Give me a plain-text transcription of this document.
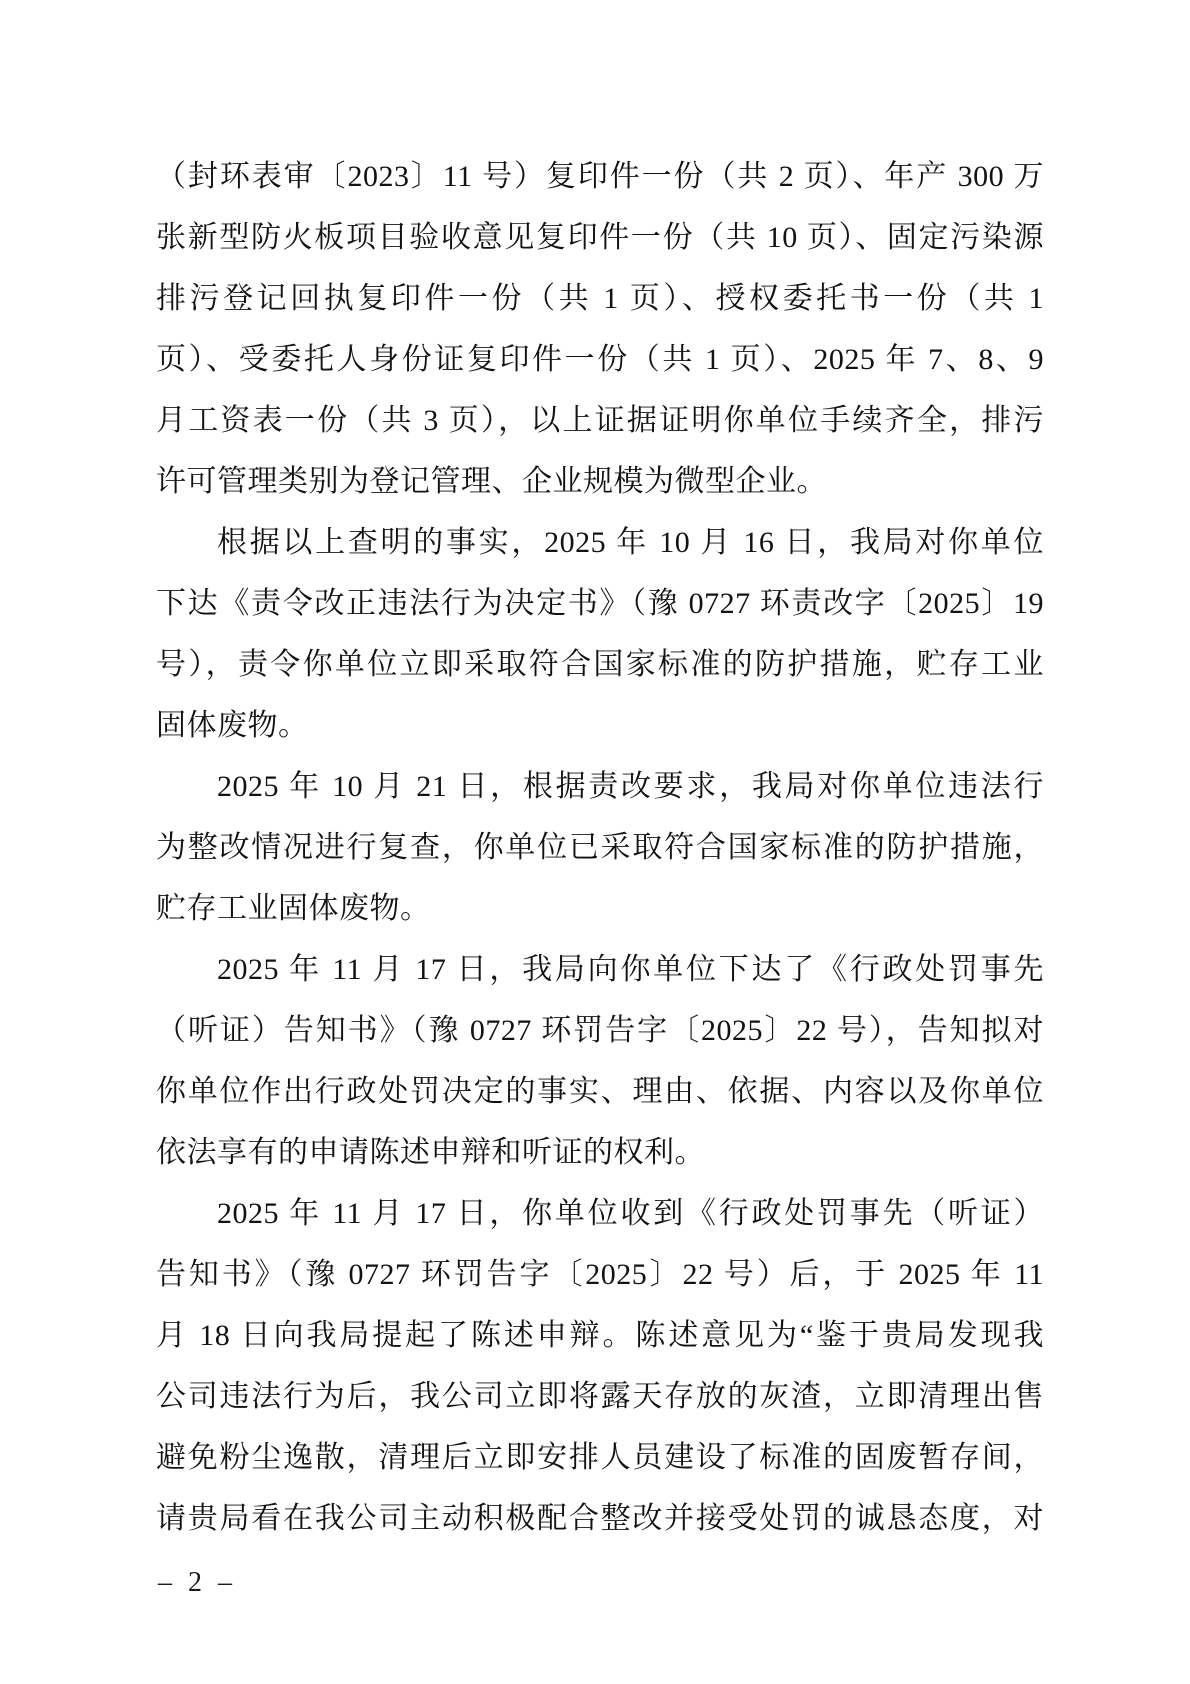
（封环表审〔2023〕11 号）复印件一份（共 2 页）、年产 300 万

张新型防火板项目验收意见复印件一份（共 10 页）、固定污染源

排污登记回执复印件一份（共 1 页）、授权委托书一份（共 1

页）、受委托人身份证复印件一份（共 1 页）、2025 年 7、8、9

月工资表一份（共 3 页），以上证据证明你单位手续齐全，排污

许可管理类别为登记管理、企业规模为微型企业。

根据以上查明的事实，2025 年 10 月 16 日，我局对你单位

下达《责令改正违法行为决定书》（豫 0727 环责改字〔2025〕19

号），责令你单位立即采取符合国家标准的防护措施，贮存工业

固体废物。

2025 年 10 月 21 日，根据责改要求，我局对你单位违法行

为整改情况进行复查，你单位已采取符合国家标准的防护措施，

贮存工业固体废物。

2025 年 11 月 17 日，我局向你单位下达了《行政处罚事先

（听证）告知书》（豫 0727 环罚告字〔2025〕22 号），告知拟对

你单位作出行政处罚决定的事实、理由、依据、内容以及你单位

依法享有的申请陈述申辩和听证的权利。

2025 年 11 月 17 日，你单位收到《行政处罚事先（听证）

告知书》（豫 0727 环罚告字〔2025〕22 号）后，于 2025 年 11

月 18 日向我局提起了陈述申辩。陈述意见为“鉴于贵局发现我

公司违法行为后，我公司立即将露天存放的灰渣，立即清理出售

避免粉尘逸散，清理后立即安排人员建设了标准的固废暂存间，

请贵局看在我公司主动积极配合整改并接受处罚的诚恳态度，对

– 2 –
